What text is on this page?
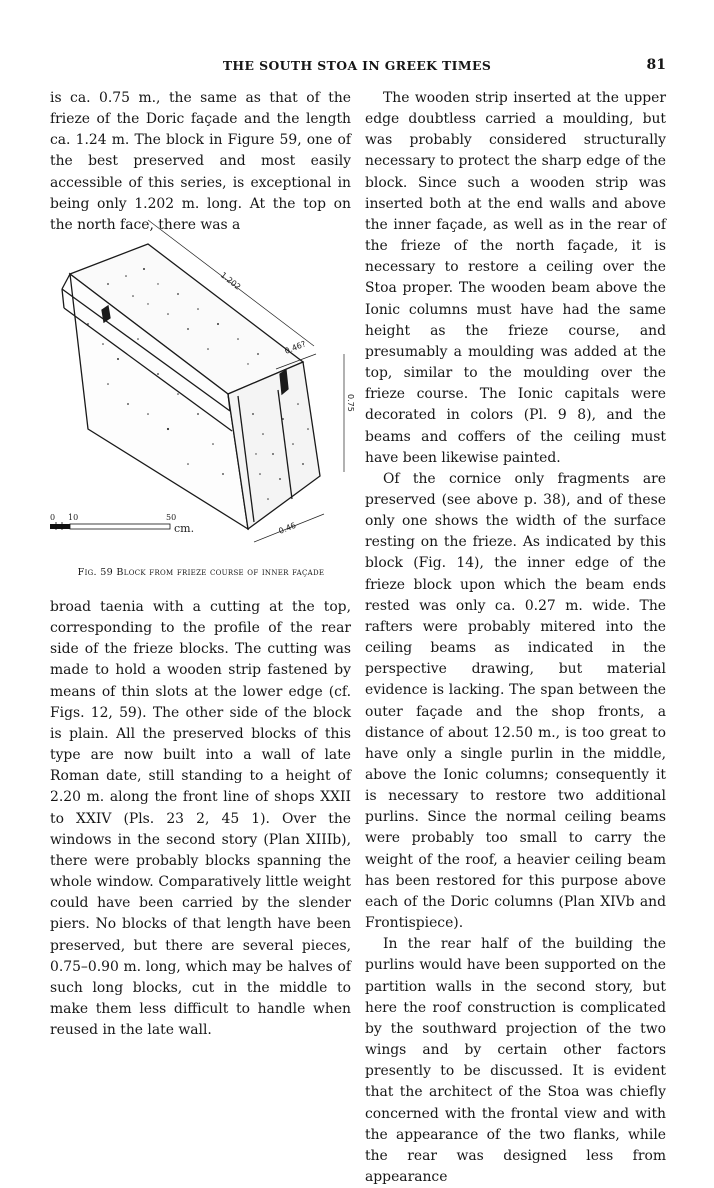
THE SOUTH STOA IN GREEK TIMES	81

is ca. 0.75 m., the same as that of the frieze of the Doric façade and the length ca. 1.24 m. The block in Figure 59, one of the best preserved and most easily accessible of this series, is exceptional in being only 1.202 m. long. At the top on the north face, there was a

1.202
0.46?
0.75
0.46
0 10	50
cm.
Fig. 59 Block from frieze course of inner façade

broad taenia with a cutting at the top, corresponding to the profile of the rear side of the frieze blocks. The cutting was made to hold a wooden strip fastened by means of thin slots at the lower edge (cf. Figs. 12, 59). The other side of the block is plain. All the preserved blocks of this type are now built into a wall of late Roman date, still standing to a height of 2.20 m. along the front line of shops XXII to XXIV (Pls. 23 2, 45 1). Over the windows in the second story (Plan XIIIb), there were probably blocks spanning the whole window. Comparatively little weight could have been carried by the slender piers. No blocks of that length have been preserved, but there are several pieces, 0.75–0.90 m. long, which may be halves of such long blocks, cut in the middle to make them less difficult to handle when reused in the late wall.

The wooden strip inserted at the upper edge doubtless carried a moulding, but was probably considered structurally necessary to protect the sharp edge of the block. Since such a wooden strip was inserted both at the end walls and above the inner façade, as well as in the rear of the frieze of the north façade, it is necessary to restore a ceiling over the Stoa proper. The wooden beam above the Ionic columns must have had the same height as the frieze course, and presumably a moulding was added at the top, similar to the moulding over the frieze course. The Ionic capitals were decorated in colors (Pl. 9 8), and the beams and coffers of the ceiling must have been likewise painted.

Of the cornice only fragments are preserved (see above p. 38), and of these only one shows the width of the surface resting on the frieze. As indicated by this block (Fig. 14), the inner edge of the frieze block upon which the beam ends rested was only ca. 0.27 m. wide. The rafters were probably mitered into the ceiling beams as indicated in the perspective drawing, but material evidence is lacking. The span between the outer façade and the shop fronts, a distance of about 12.50 m., is too great to have only a single purlin in the middle, above the Ionic columns; consequently it is necessary to restore two additional purlins. Since the normal ceiling beams were probably too small to carry the weight of the roof, a heavier ceiling beam has been restored for this purpose above each of the Doric columns (Plan XIVb and Frontispiece).

In the rear half of the building the purlins would have been supported on the partition walls in the second story, but here the roof construction is complicated by the southward projection of the two wings and by certain other factors presently to be discussed. It is evident that the architect of the Stoa was chiefly concerned with the frontal view and with the appearance of the two flanks, while the rear was designed less from appearance
